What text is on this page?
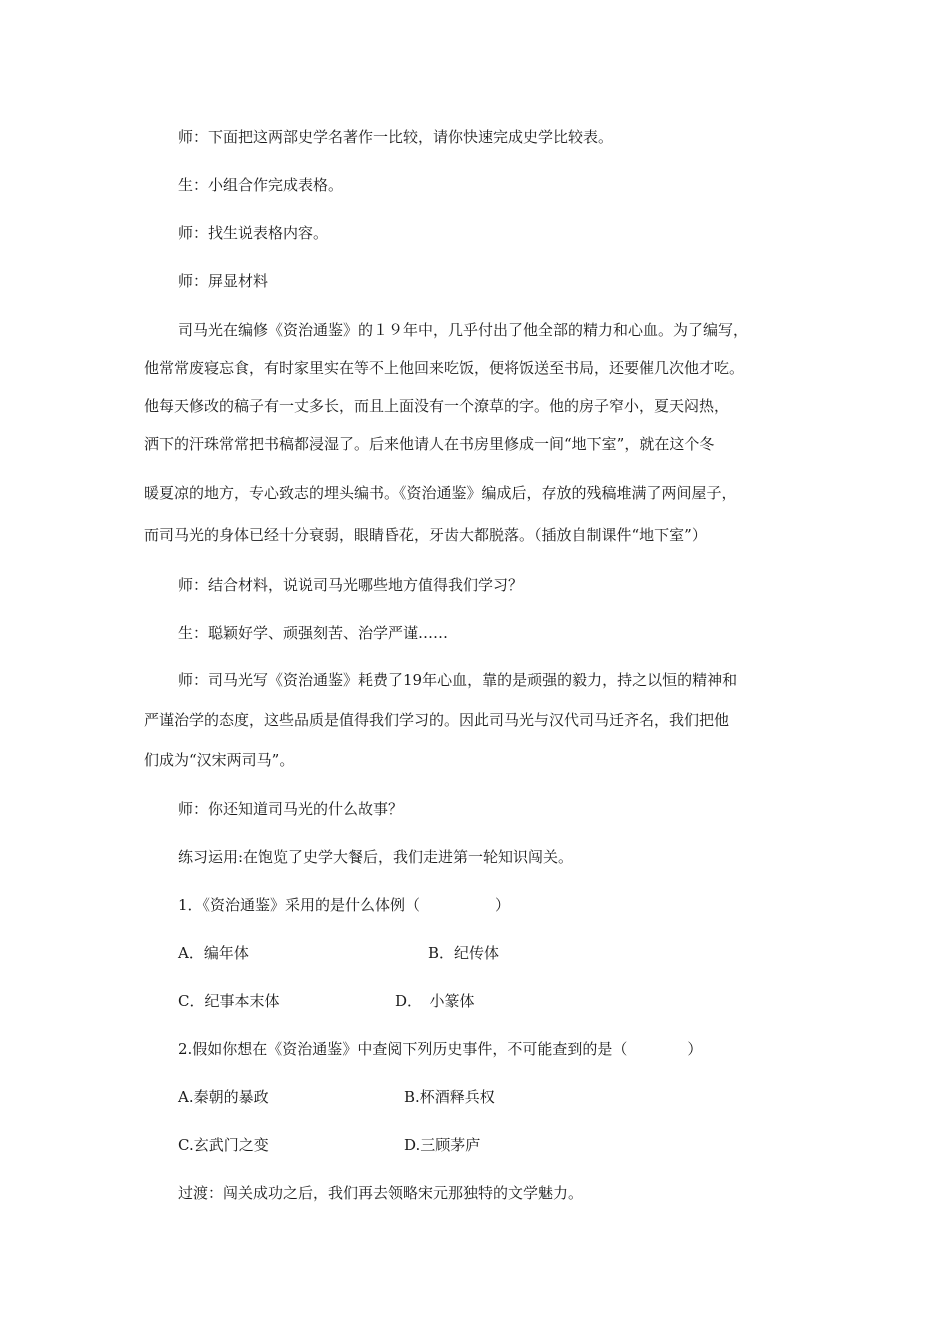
师：下面把这两部史学名著作一比较，请你快速完成史学比较表。
生：小组合作完成表格。
师：找生说表格内容。
师：屏显材料
司马光在编修《资治通鉴》的１９年中，几乎付出了他全部的精力和心血。为了编写，
他常常废寝忘食，有时家里实在等不上他回来吃饭，便将饭送至书局，还要催几次他才吃。
他每天修改的稿子有一丈多长，而且上面没有一个潦草的字。他的房子窄小，夏天闷热，
洒下的汗珠常常把书稿都浸湿了。后来他请人在书房里修成一间“地下室”，就在这个冬
暖夏凉的地方，专心致志的埋头编书。《资治通鉴》编成后，存放的残稿堆满了两间屋子，
而司马光的身体已经十分衰弱，眼睛昏花，牙齿大都脱落。（插放自制课件“地下室”）
师：结合材料，说说司马光哪些地方值得我们学习？
生：聪颖好学、顽强刻苦、治学严谨……
师：司马光写《资治通鉴》耗费了19年心血，靠的是顽强的毅力，持之以恒的精神和
严谨治学的态度，这些品质是值得我们学习的。因此司马光与汉代司马迁齐名，我们把他
们成为“汉宋两司马”。
师：你还知道司马光的什么故事？
练习运用:在饱览了史学大餐后，我们走进第一轮知识闯关。
1．《资治通鉴》采用的是什么体例（　　　　　）
A．编年体	B．纪传体
C．纪事本末体	D．　小篆体
2.假如你想在《资治通鉴》中查阅下列历史事件，不可能查到的是（　　　　）
A.秦朝的暴政	B.杯酒释兵权
C.玄武门之变	D.三顾茅庐
过渡：闯关成功之后，我们再去领略宋元那独特的文学魅力。
